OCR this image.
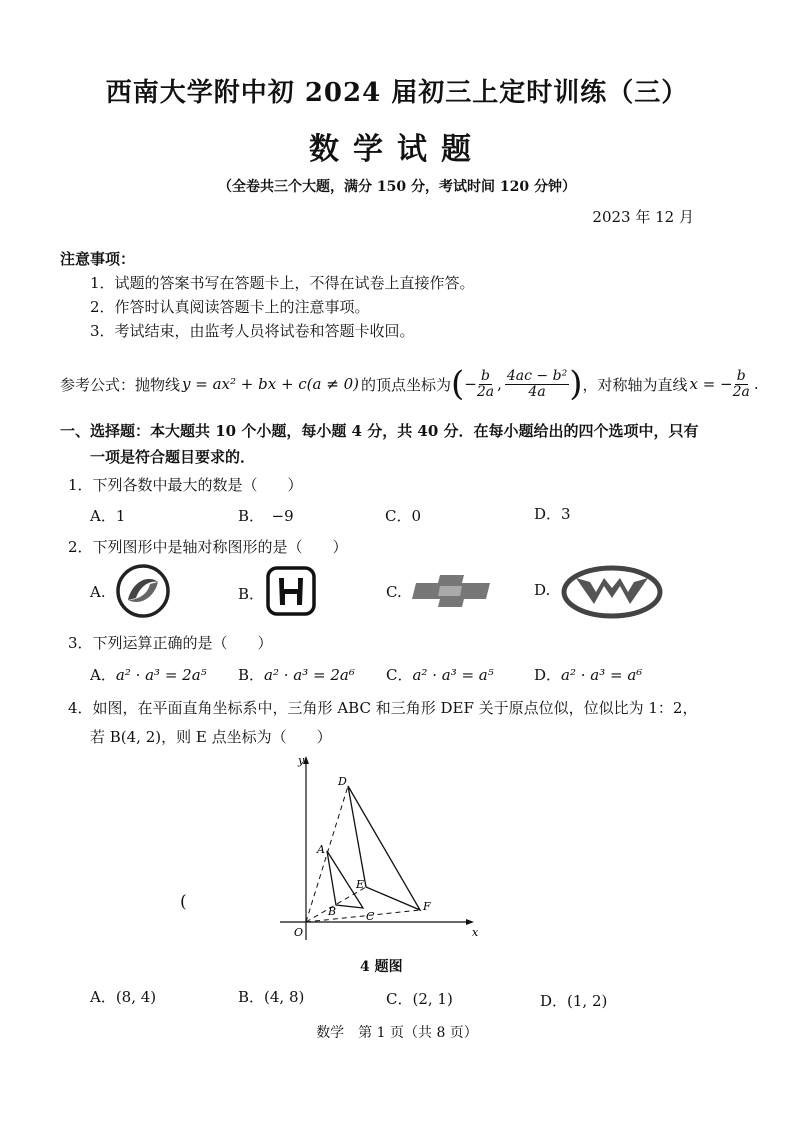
西南大学附中初 2024 届初三上定时训练（三）
数学试题
（全卷共三个大题，满分 150 分，考试时间 120 分钟）
2023 年 12 月
注意事项：
1．试题的答案书写在答题卡上，不得在试卷上直接作答。
2．作答时认真阅读答题卡上的注意事项。
3．考试结束，由监考人员将试卷和答题卡收回。
参考公式：抛物线 y = ax² + bx + c(a ≠ 0) 的顶点坐标为 ( − $\frac{b}{2a}$ , $\frac{\text{4ac − b²}}{4a}$ ) ，对称轴为直线 x = − $\frac{b}{2a}$ .
一、选择题：本大题共 10 个小题，每小题 4 分，共 40 分．在每小题给出的四个选项中，只有
一项是符合题目要求的．
1．下列各数中最大的数是（　　）
A．1	B．　−9	C．0	D．3
2．下列图形中是轴对称图形的是（　　）
A.	B．	C.	D.
3．下列运算正确的是（　　）
A．a² · a³ = 2a⁵ B．a² · a³ = 2a⁶ C．a² · a³ = a⁵	D．a² · a³ = a⁶
4．如图，在平面直角坐标系中，三角形 ABC 和三角形 DEF 关于原点位似，位似比为 1：2，
若 B(4, 2)，则 E 点坐标为（　　）
(
y
x
O
D
A
E
B	C
F
4 题图
A．(8, 4)	B．(4, 8)	C．(2, 1)	D．(1, 2)
数学　第 1 页（共 8 页）
